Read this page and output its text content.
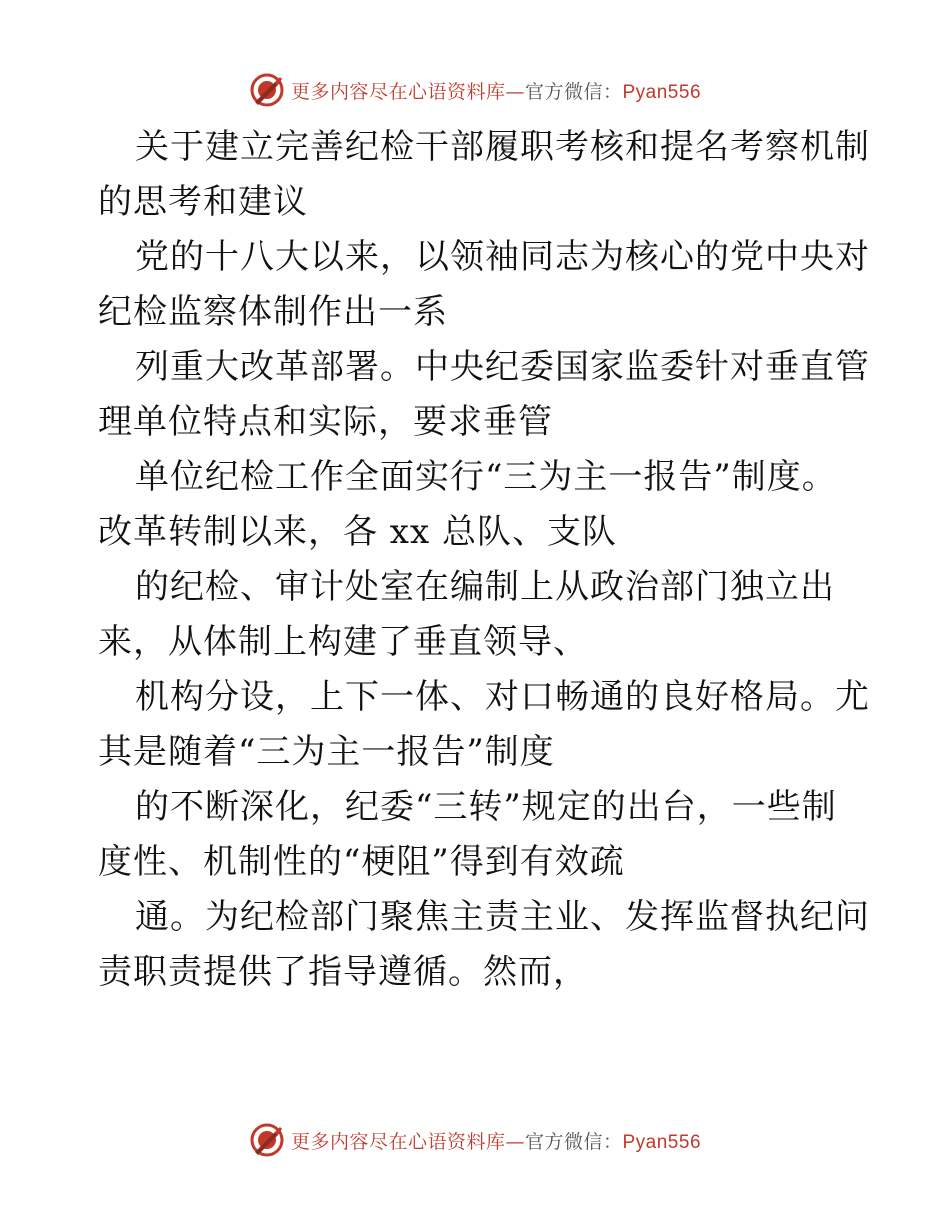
更多内容尽在心语资料库—官方微信：Pyan556
关于建立完善纪检干部履职考核和提名考察机制
的思考和建议
党的十八大以来，以领袖同志为核心的党中央对
纪检监察体制作出一系
列重大改革部署。中央纪委国家监委针对垂直管
理单位特点和实际，要求垂管
单位纪检工作全面实行“三为主一报告”制度。
改革转制以来，各 xx 总队、支队
的纪检、审计处室在编制上从政治部门独立出
来，从体制上构建了垂直领导、
机构分设，上下一体、对口畅通的良好格局。尤
其是随着“三为主一报告”制度
的不断深化，纪委“三转”规定的出台，一些制
度性、机制性的“梗阻”得到有效疏
通。为纪检部门聚焦主责主业、发挥监督执纪问
责职责提供了指导遵循。然而，
更多内容尽在心语资料库—官方微信：Pyan556
